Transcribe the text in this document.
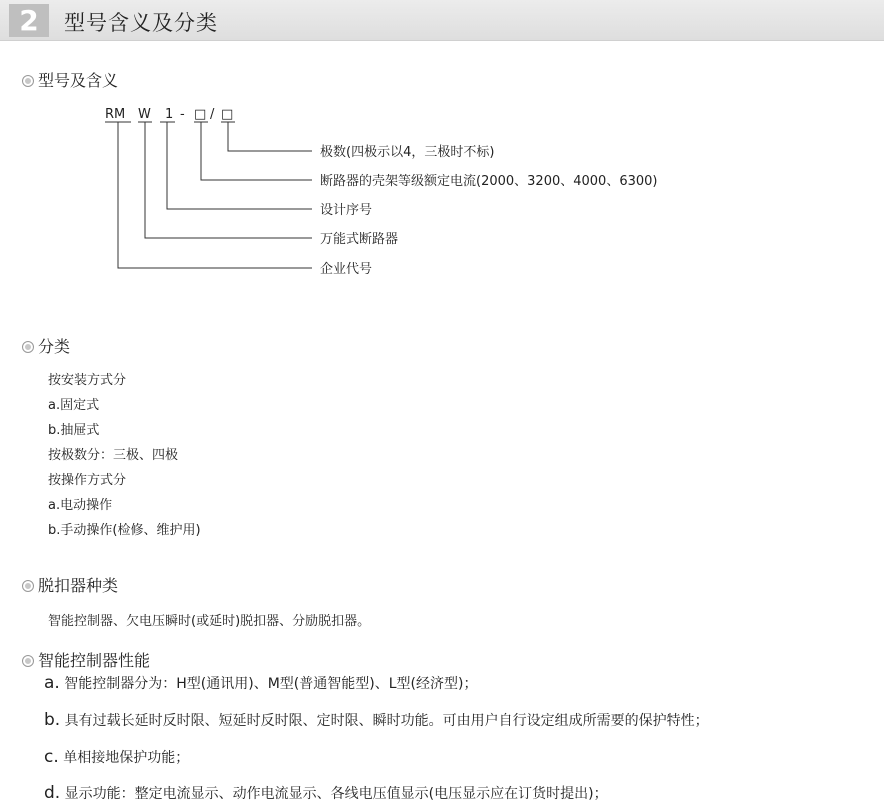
2	型号含义及分类
型号及含义
RM W 1 - □ / □
极数(四极示以4，三极时不标)
断路器的壳架等级额定电流(2000、3200、4000、6300)
设计序号
万能式断路器
企业代号
分类
按安装方式分
a.固定式
b.抽屉式
按极数分：三极、四极
按操作方式分
a.电动操作
b.手动操作(检修、维护用)
脱扣器种类
智能控制器、欠电压瞬时(或延时)脱扣器、分励脱扣器。
智能控制器性能
a. 智能控制器分为：H型(通讯用)、M型(普通智能型)、L型(经济型)；
b. 具有过载长延时反时限、短延时反时限、定时限、瞬时功能。可由用户自行设定组成所需要的保护特性；
c. 单相接地保护功能；
d. 显示功能：整定电流显示、动作电流显示、各线电压值显示(电压显示应在订货时提出)；
